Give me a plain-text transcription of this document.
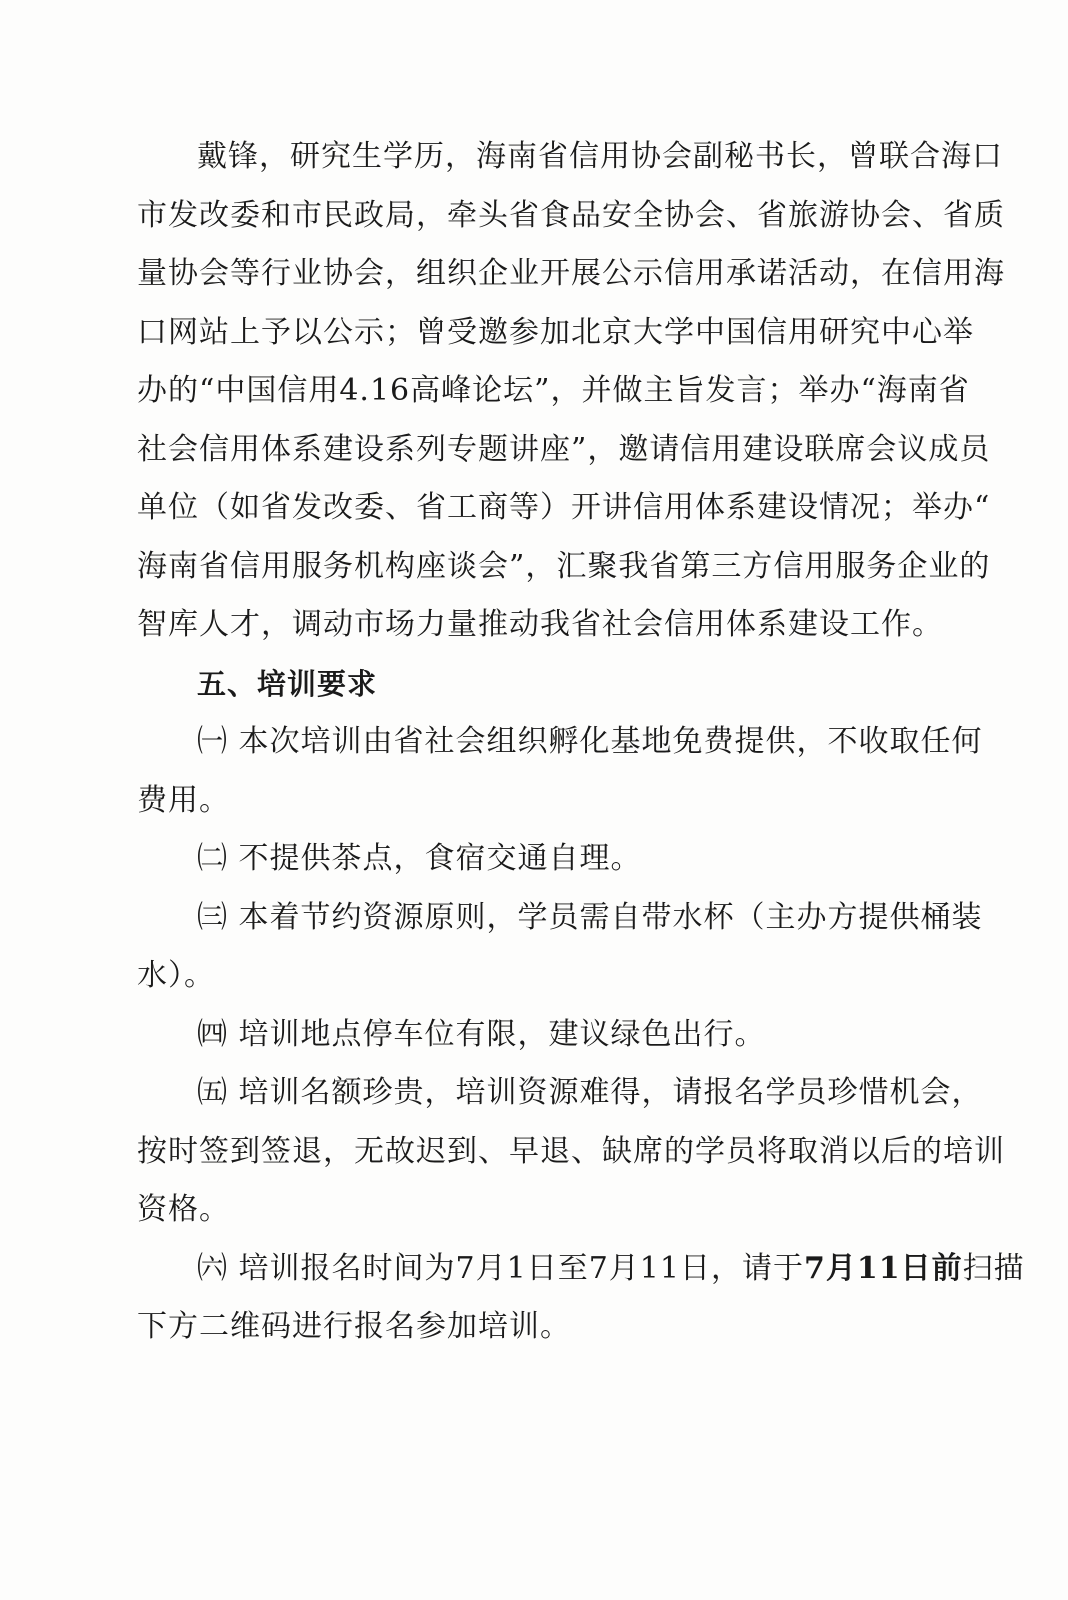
戴锋，研究生学历，海南省信用协会副秘书长，曾联合海口
市发改委和市民政局，牵头省食品安全协会、省旅游协会、省质
量协会等行业协会，组织企业开展公示信用承诺活动，在信用海
口网站上予以公示；曾受邀参加北京大学中国信用研究中心举
办的“中国信用4.16高峰论坛”，并做主旨发言；举办“海南省
社会信用体系建设系列专题讲座”，邀请信用建设联席会议成员
单位（如省发改委、省工商等）开讲信用体系建设情况；举办“
海南省信用服务机构座谈会”，汇聚我省第三方信用服务企业的
智库人才，调动市场力量推动我省社会信用体系建设工作。
五、培训要求
㈠ 本次培训由省社会组织孵化基地免费提供，不收取任何
费用。
㈡ 不提供茶点，食宿交通自理。
㈢ 本着节约资源原则，学员需自带水杯（主办方提供桶装
水）。
㈣ 培训地点停车位有限，建议绿色出行。
㈤ 培训名额珍贵，培训资源难得，请报名学员珍惜机会，
按时签到签退，无故迟到、早退、缺席的学员将取消以后的培训
资格。
㈥ 培训报名时间为7月1日至7月11日，请于7月11日前扫描
下方二维码进行报名参加培训。
